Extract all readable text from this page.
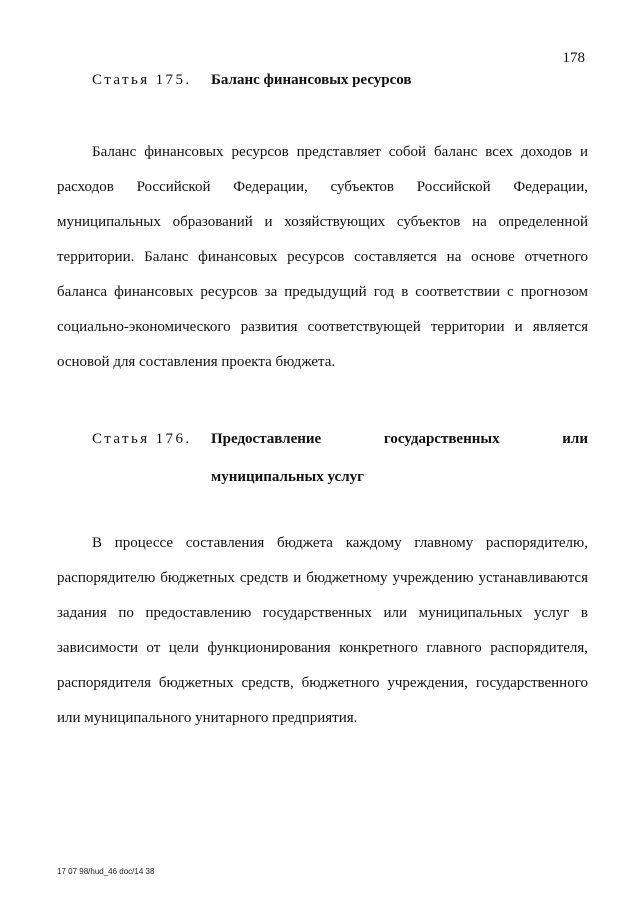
178
Статья 175. Баланс финансовых ресурсов

Баланс финансовых ресурсов представляет собой баланс всех доходов и расходов Российской Федерации, субъектов Российской Федерации, муниципальных образований и хозяйствующих субъектов на определенной территории. Баланс финансовых ресурсов составляется на основе отчетного баланса финансовых ресурсов за предыдущий год в соответствии с прогнозом социально-экономического развития соответствующей территории и является основой для составления проекта бюджета.

Статья 176. Предоставление государственных или
муниципальных услуг

В процессе составления бюджета каждому главному распорядителю, распорядителю бюджетных средств и бюджетному учреждению устанавливаются задания по предоставлению государственных или муниципальных услуг в зависимости от цели функционирования конкретного главного распорядителя, распорядителя бюджетных средств, бюджетного учреждения, государственного или муниципального унитарного предприятия.

17 07 98/hud_46 doc/14 38
